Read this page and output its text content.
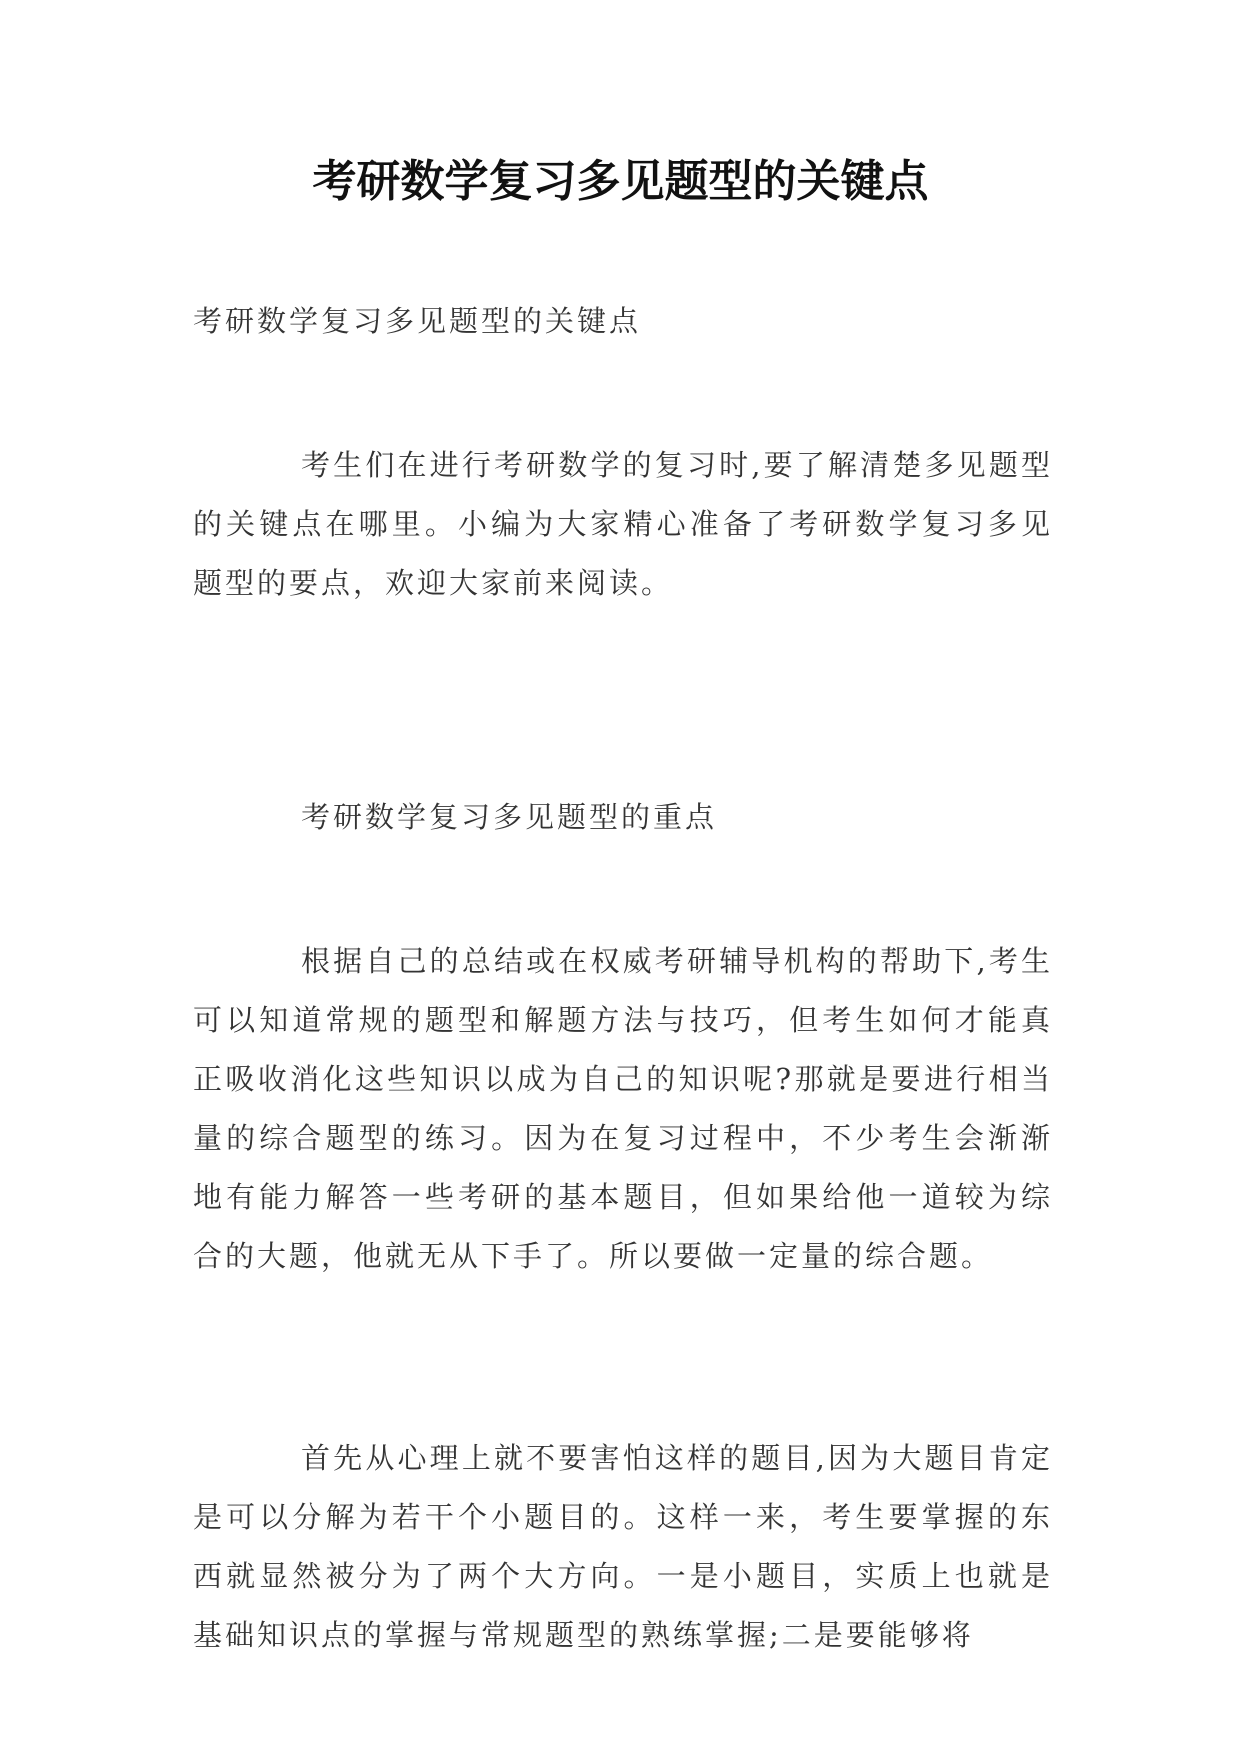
考研数学复习多见题型的关键点

考研数学复习多见题型的关键点

考生们在进行考研数学的复习时,要了解清楚多见题型的关键点在哪里。小编为大家精心准备了考研数学复习多见题型的要点，欢迎大家前来阅读。

考研数学复习多见题型的重点

根据自己的总结或在权威考研辅导机构的帮助下,考生可以知道常规的题型和解题方法与技巧，但考生如何才能真正吸收消化这些知识以成为自己的知识呢?那就是要进行相当量的综合题型的练习。因为在复习过程中，不少考生会渐渐地有能力解答一些考研的基本题目，但如果给他一道较为综合的大题，他就无从下手了。所以要做一定量的综合题。

首先从心理上就不要害怕这样的题目,因为大题目肯定是可以分解为若干个小题目的。这样一来，考生要掌握的东西就显然被分为了两个大方向。一是小题目，实质上也就是基础知识点的掌握与常规题型的熟练掌握;二是要能够将
